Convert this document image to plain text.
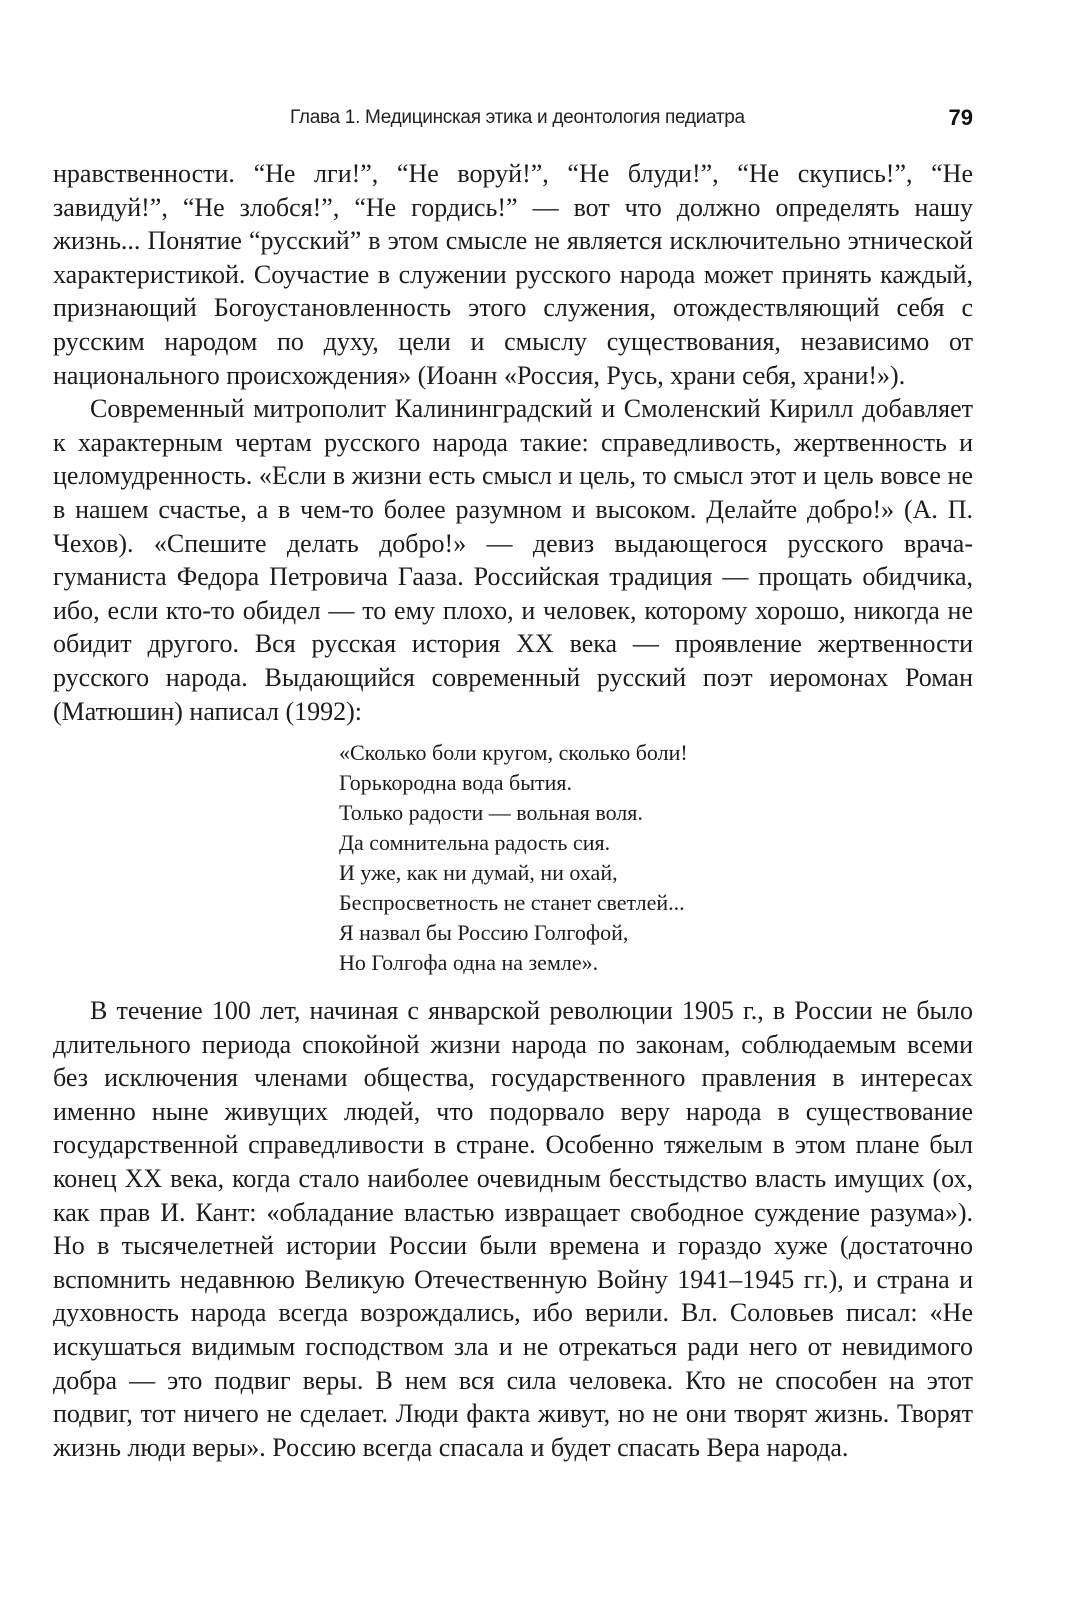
Глава 1. Медицинская этика и деонтология педиатра	79

нравственности. “Не лги!”, “Не воруй!”, “Не блуди!”, “Не скупись!”, “Не завидуй!”, “Не злобся!”, “Не гордись!” — вот что должно определять нашу жизнь... Понятие “русский” в этом смысле не является исключительно этнической характеристикой. Соучастие в служении русского народа может принять каждый, признающий Богоустановленность этого служения, отождествляющий себя с русским народом по духу, цели и смыслу существования, независимо от национального происхождения» (Иоанн «Россия, Русь, храни себя, храни!»).

Современный митрополит Калининградский и Смоленский Кирилл добавляет к характерным чертам русского народа такие: справедливость, жертвенность и целомудренность. «Если в жизни есть смысл и цель, то смысл этот и цель вовсе не в нашем счастье, а в чем-то более разумном и высоком. Делайте добро!» (А. П. Чехов). «Спешите делать добро!» — девиз выдающегося русского врача-гуманиста Федора Петровича Гааза. Российская традиция — прощать обидчика, ибо, если кто-то обидел — то ему плохо, и человек, которому хорошо, никогда не обидит другого. Вся русская история XX века — проявление жертвенности русского народа. Выдающийся современный русский поэт иеромонах Роман (Матюшин) написал (1992):

«Сколько боли кругом, сколько боли!
Горькородна вода бытия.
Только радости — вольная воля.
Да сомнительна радость сия.
И уже, как ни думай, ни охай,
Беспросветность не станет светлей...
Я назвал бы Россию Голгофой,
Но Голгофа одна на земле».

В течение 100 лет, начиная с январской революции 1905 г., в России не было длительного периода спокойной жизни народа по законам, соблюдаемым всеми без исключения членами общества, государственного правления в интересах именно ныне живущих людей, что подорвало веру народа в существование государственной справедливости в стране. Особенно тяжелым в этом плане был конец XX века, когда стало наиболее очевидным бесстыдство власть имущих (ох, как прав И. Кант: «обладание властью извращает свободное суждение разума»). Но в тысячелетней истории России были времена и гораздо хуже (достаточно вспомнить недавнюю Великую Отечественную Войну 1941–1945 гг.), и страна и духовность народа всегда возрождались, ибо верили. Вл. Соловьев писал: «Не искушаться видимым господством зла и не отрекаться ради него от невидимого добра — это подвиг веры. В нем вся сила человека. Кто не способен на этот подвиг, тот ничего не сделает. Люди факта живут, но не они творят жизнь. Творят жизнь люди веры». Россию всегда спасала и будет спасать Вера народа.
